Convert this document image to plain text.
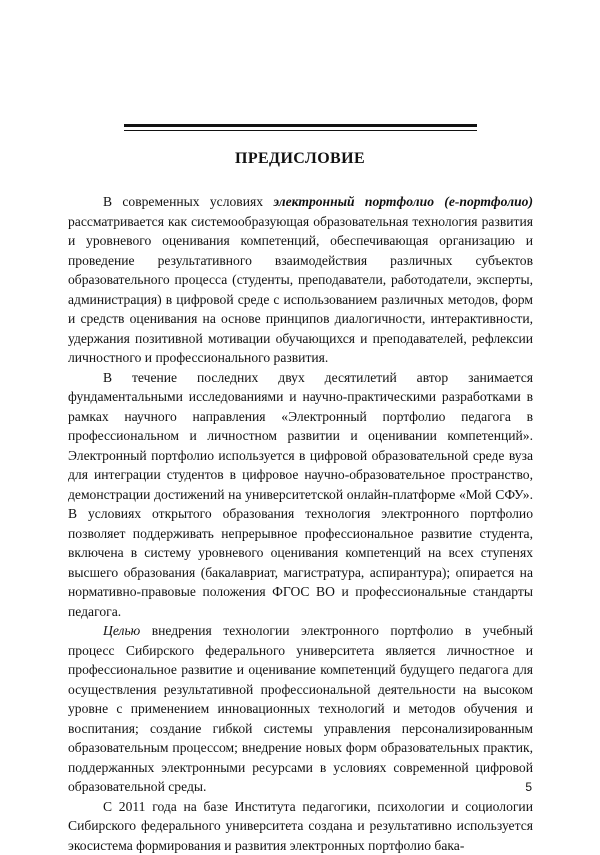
ПРЕДИСЛОВИЕ

В современных условиях электронный портфолио (е-портфолио) рассматривается как системообразующая образовательная технология развития и уровневого оценивания компетенций, обеспечивающая организацию и проведение результативного взаимодействия различных субъектов образовательного процесса (студенты, преподаватели, работодатели, эксперты, администрация) в цифровой среде с использованием различных методов, форм и средств оценивания на основе принципов диалогичности, интерактивности, удержания позитивной мотивации обучающихся и преподавателей, рефлексии личностного и профессионального развития.

В течение последних двух десятилетий автор занимается фундаментальными исследованиями и научно-практическими разработками в рамках научного направления «Электронный портфолио педагога в профессиональном и личностном развитии и оценивании компетенций». Электронный портфолио используется в цифровой образовательной среде вуза для интеграции студентов в цифровое научно-образовательное пространство, демонстрации достижений на университетской онлайн-платформе «Мой СФУ». В условиях открытого образования технология электронного портфолио позволяет поддерживать непрерывное профессиональное развитие студента, включена в систему уровневого оценивания компетенций на всех ступенях высшего образования (бакалавриат, магистратура, аспирантура); опирается на нормативно-правовые положения ФГОС ВО и профессиональные стандарты педагога.

Целью внедрения технологии электронного портфолио в учебный процесс Сибирского федерального университета является личностное и профессиональное развитие и оценивание компетенций будущего педагога для осуществления результативной профессиональной деятельности на высоком уровне с применением инновационных технологий и методов обучения и воспитания; создание гибкой системы управления персонализированным образовательным процессом; внедрение новых форм образовательных практик, поддержанных электронными ресурсами в условиях современной цифровой образовательной среды.

С 2011 года на базе Института педагогики, психологии и социологии Сибирского федерального университета создана и результативно используется экосистема формирования и развития электронных портфолио бака-

5
